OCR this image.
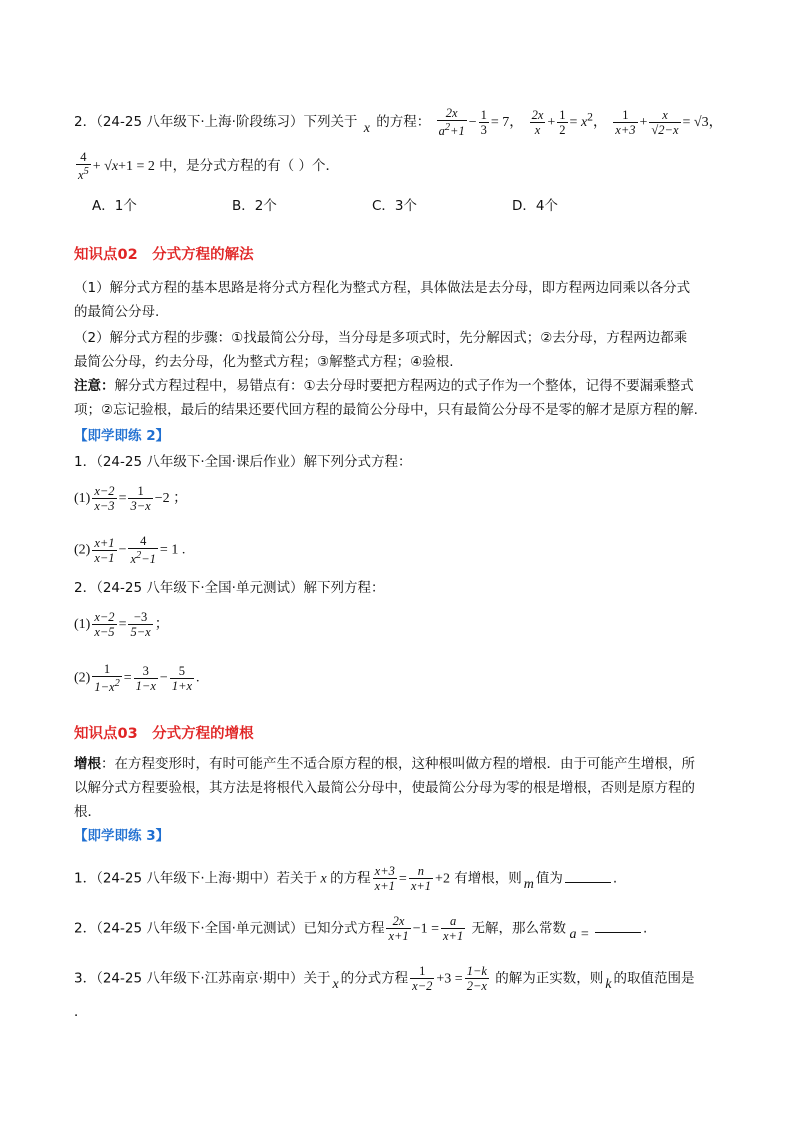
2．（24-25 八年级下·上海·阶段练习）下列关于 x 的方程： $\frac{2x}{a^2+1} - \frac{1}{3} = 7$， $\frac{2x}{x} + \frac{1}{2} = x^2$， $\frac{1}{x+3} + \frac{x}{√2-x} = √3$，
$\frac{4}{x^5} + √x+1 = 2$ 中，是分式方程的有（ ）个．
A．1个	B．2个	C．3个	D．4个
知识点02　分式方程的解法
（1）解分式方程的基本思路是将分式方程化为整式方程，具体做法是去分母，即方程两边同乘以各分式
的最简公分母.
（2）解分式方程的步骤：①找最简公分母，当分母是多项式时，先分解因式；②去分母，方程两边都乘
最简公分母，约去分母，化为整式方程；③解整式方程；④验根.
注意：解分式方程过程中，易错点有：①去分母时要把方程两边的式子作为一个整体，记得不要漏乘整式
项；②忘记验根，最后的结果还要代回方程的最简公分母中，只有最简公分母不是零的解才是原方程的解.
【即学即练 2】
1．（24-25 八年级下·全国·课后作业）解下列分式方程：
$(1) \frac{x-2}{x-3} = \frac{1}{3-x} -2$ ；
$(2) \frac{x+1}{x-1} - \frac{4}{x^2-1} = 1$ .
2．（24-25 八年级下·全国·单元测试）解下列方程：
$(1) \frac{x-2}{x-5} = \frac{-3}{5-x}$ ；
$(2) \frac{1}{1-x^2} = \frac{3}{1-x} - \frac{5}{1+x}$ .
知识点03　分式方程的增根
增根：在方程变形时，有时可能产生不适合原方程的根，这种根叫做方程的增根．由于可能产生增根，所
以解分式方程要验根，其方法是将根代入最简公分母中，使最简公分母为零的根是增根，否则是原方程的
根．
【即学即练 3】
1．（24-25 八年级下·上海·期中）若关于 x 的方程 $\frac{x+3}{x+1} = \frac{n}{x+1} +2$ 有增根，则 m 值为	.
2．（24-25 八年级下·全国·单元测试）已知分式方程 $\frac{2x}{x+1} -1 = \frac{a}{x+1}$ 无解，那么常数 a =	.
3．（24-25 八年级下·江苏南京·期中）关于 x 的分式方程 $\frac{1}{x-2} +3 = \frac{1-k}{2-x}$ 的解为正实数，则 k 的取值范围是
．
